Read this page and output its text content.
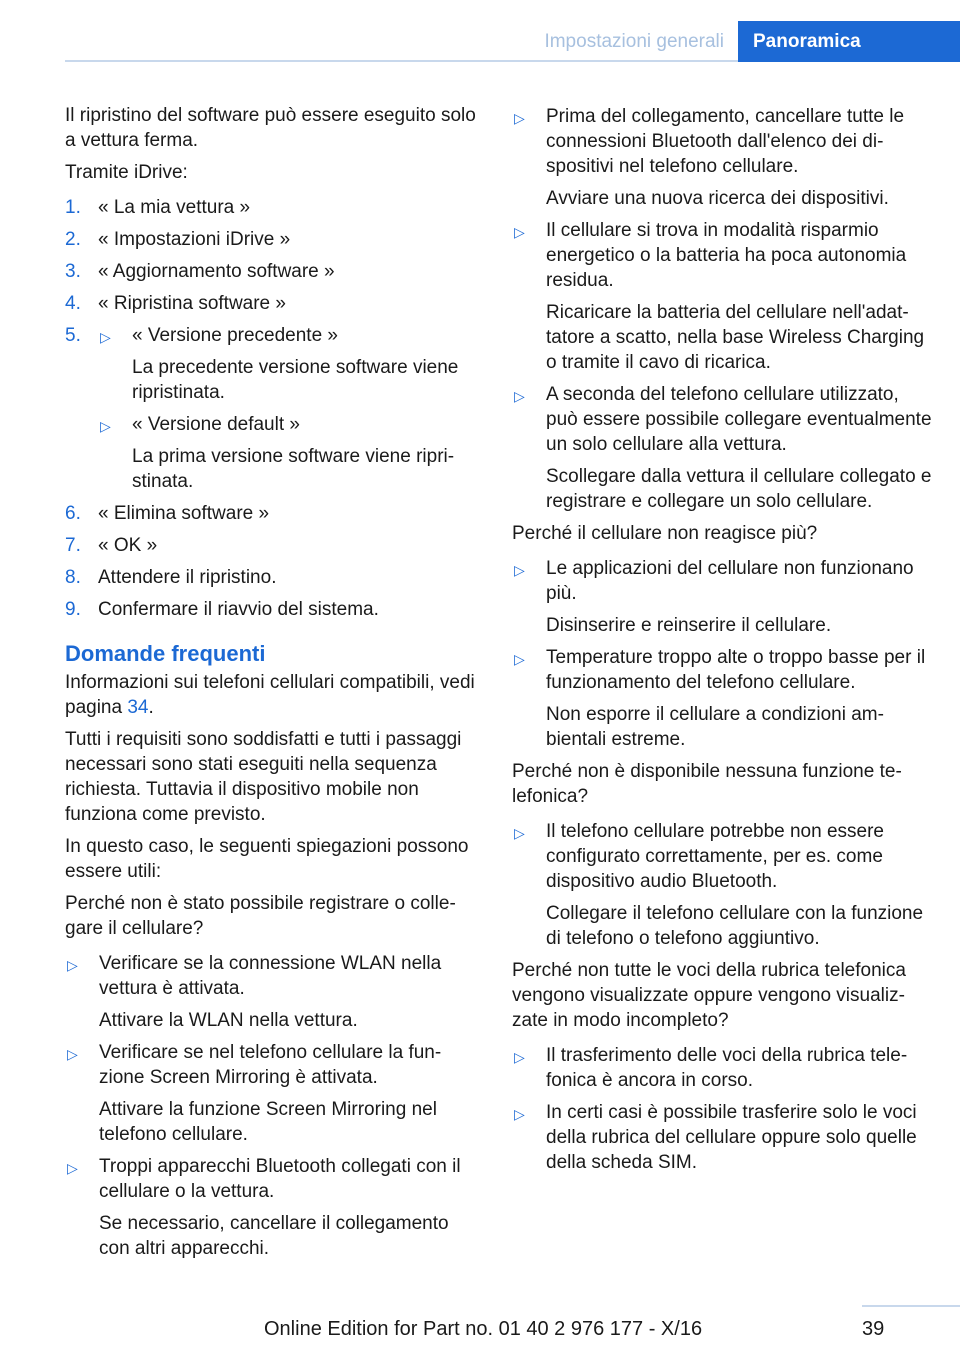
Impostazioni generali	Panoramica

Il ripristino del software può essere eseguito solo a vettura ferma.

Tramite iDrive:

1. « La mia vettura »
2. « Impostazioni iDrive »
3. « Aggiornamento software »
4. « Ripristina software »
5. ▷ « Versione precedente »
La precedente versione software viene ripristinata.
▷ « Versione default »
La prima versione software viene ripristinata.
6. « Elimina software »
7. « OK »
8. Attendere il ripristino.
9. Confermare il riavvio del sistema.
Domande frequenti

Informazioni sui telefoni cellulari compatibili, vedi pagina 34.

Tutti i requisiti sono soddisfatti e tutti i passaggi necessari sono stati eseguiti nella sequenza richiesta. Tuttavia il dispositivo mobile non funziona come previsto.

In questo caso, le seguenti spiegazioni possono essere utili:

Perché non è stato possibile registrare o collegare il cellulare?

▷ Verificare se la connessione WLAN nella vettura è attivata.
Attivare la WLAN nella vettura.
▷ Verificare se nel telefono cellulare la funzione Screen Mirroring è attivata.
Attivare la funzione Screen Mirroring nel telefono cellulare.
▷ Troppi apparecchi Bluetooth collegati con il cellulare o la vettura.
Se necessario, cancellare il collegamento con altri apparecchi.
▷ Prima del collegamento, cancellare tutte le connessioni Bluetooth dall'elenco dei dispositivi nel telefono cellulare.
Avviare una nuova ricerca dei dispositivi.
▷ Il cellulare si trova in modalità risparmio energetico o la batteria ha poca autonomia residua.
Ricaricare la batteria del cellulare nell'adattatore a scatto, nella base Wireless Charging o tramite il cavo di ricarica.
▷ A seconda del telefono cellulare utilizzato, può essere possibile collegare eventualmente un solo cellulare alla vettura.
Scollegare dalla vettura il cellulare collegato e registrare e collegare un solo cellulare.

Perché il cellulare non reagisce più?

▷ Le applicazioni del cellulare non funzionano più.
Disinserire e reinserire il cellulare.
▷ Temperature troppo alte o troppo basse per il funzionamento del telefono cellulare.
Non esporre il cellulare a condizioni ambientali estreme.

Perché non è disponibile nessuna funzione telefonica?

▷ Il telefono cellulare potrebbe non essere configurato correttamente, per es. come dispositivo audio Bluetooth.
Collegare il telefono cellulare con la funzione di telefono o telefono aggiuntivo.

Perché non tutte le voci della rubrica telefonica vengono visualizzate oppure vengono visualizzate in modo incompleto?

▷ Il trasferimento delle voci della rubrica telefonica è ancora in corso.
▷ In certi casi è possibile trasferire solo le voci della rubrica del cellulare oppure solo quelle della scheda SIM.
39
Online Edition for Part no. 01 40 2 976 177 - X/16
